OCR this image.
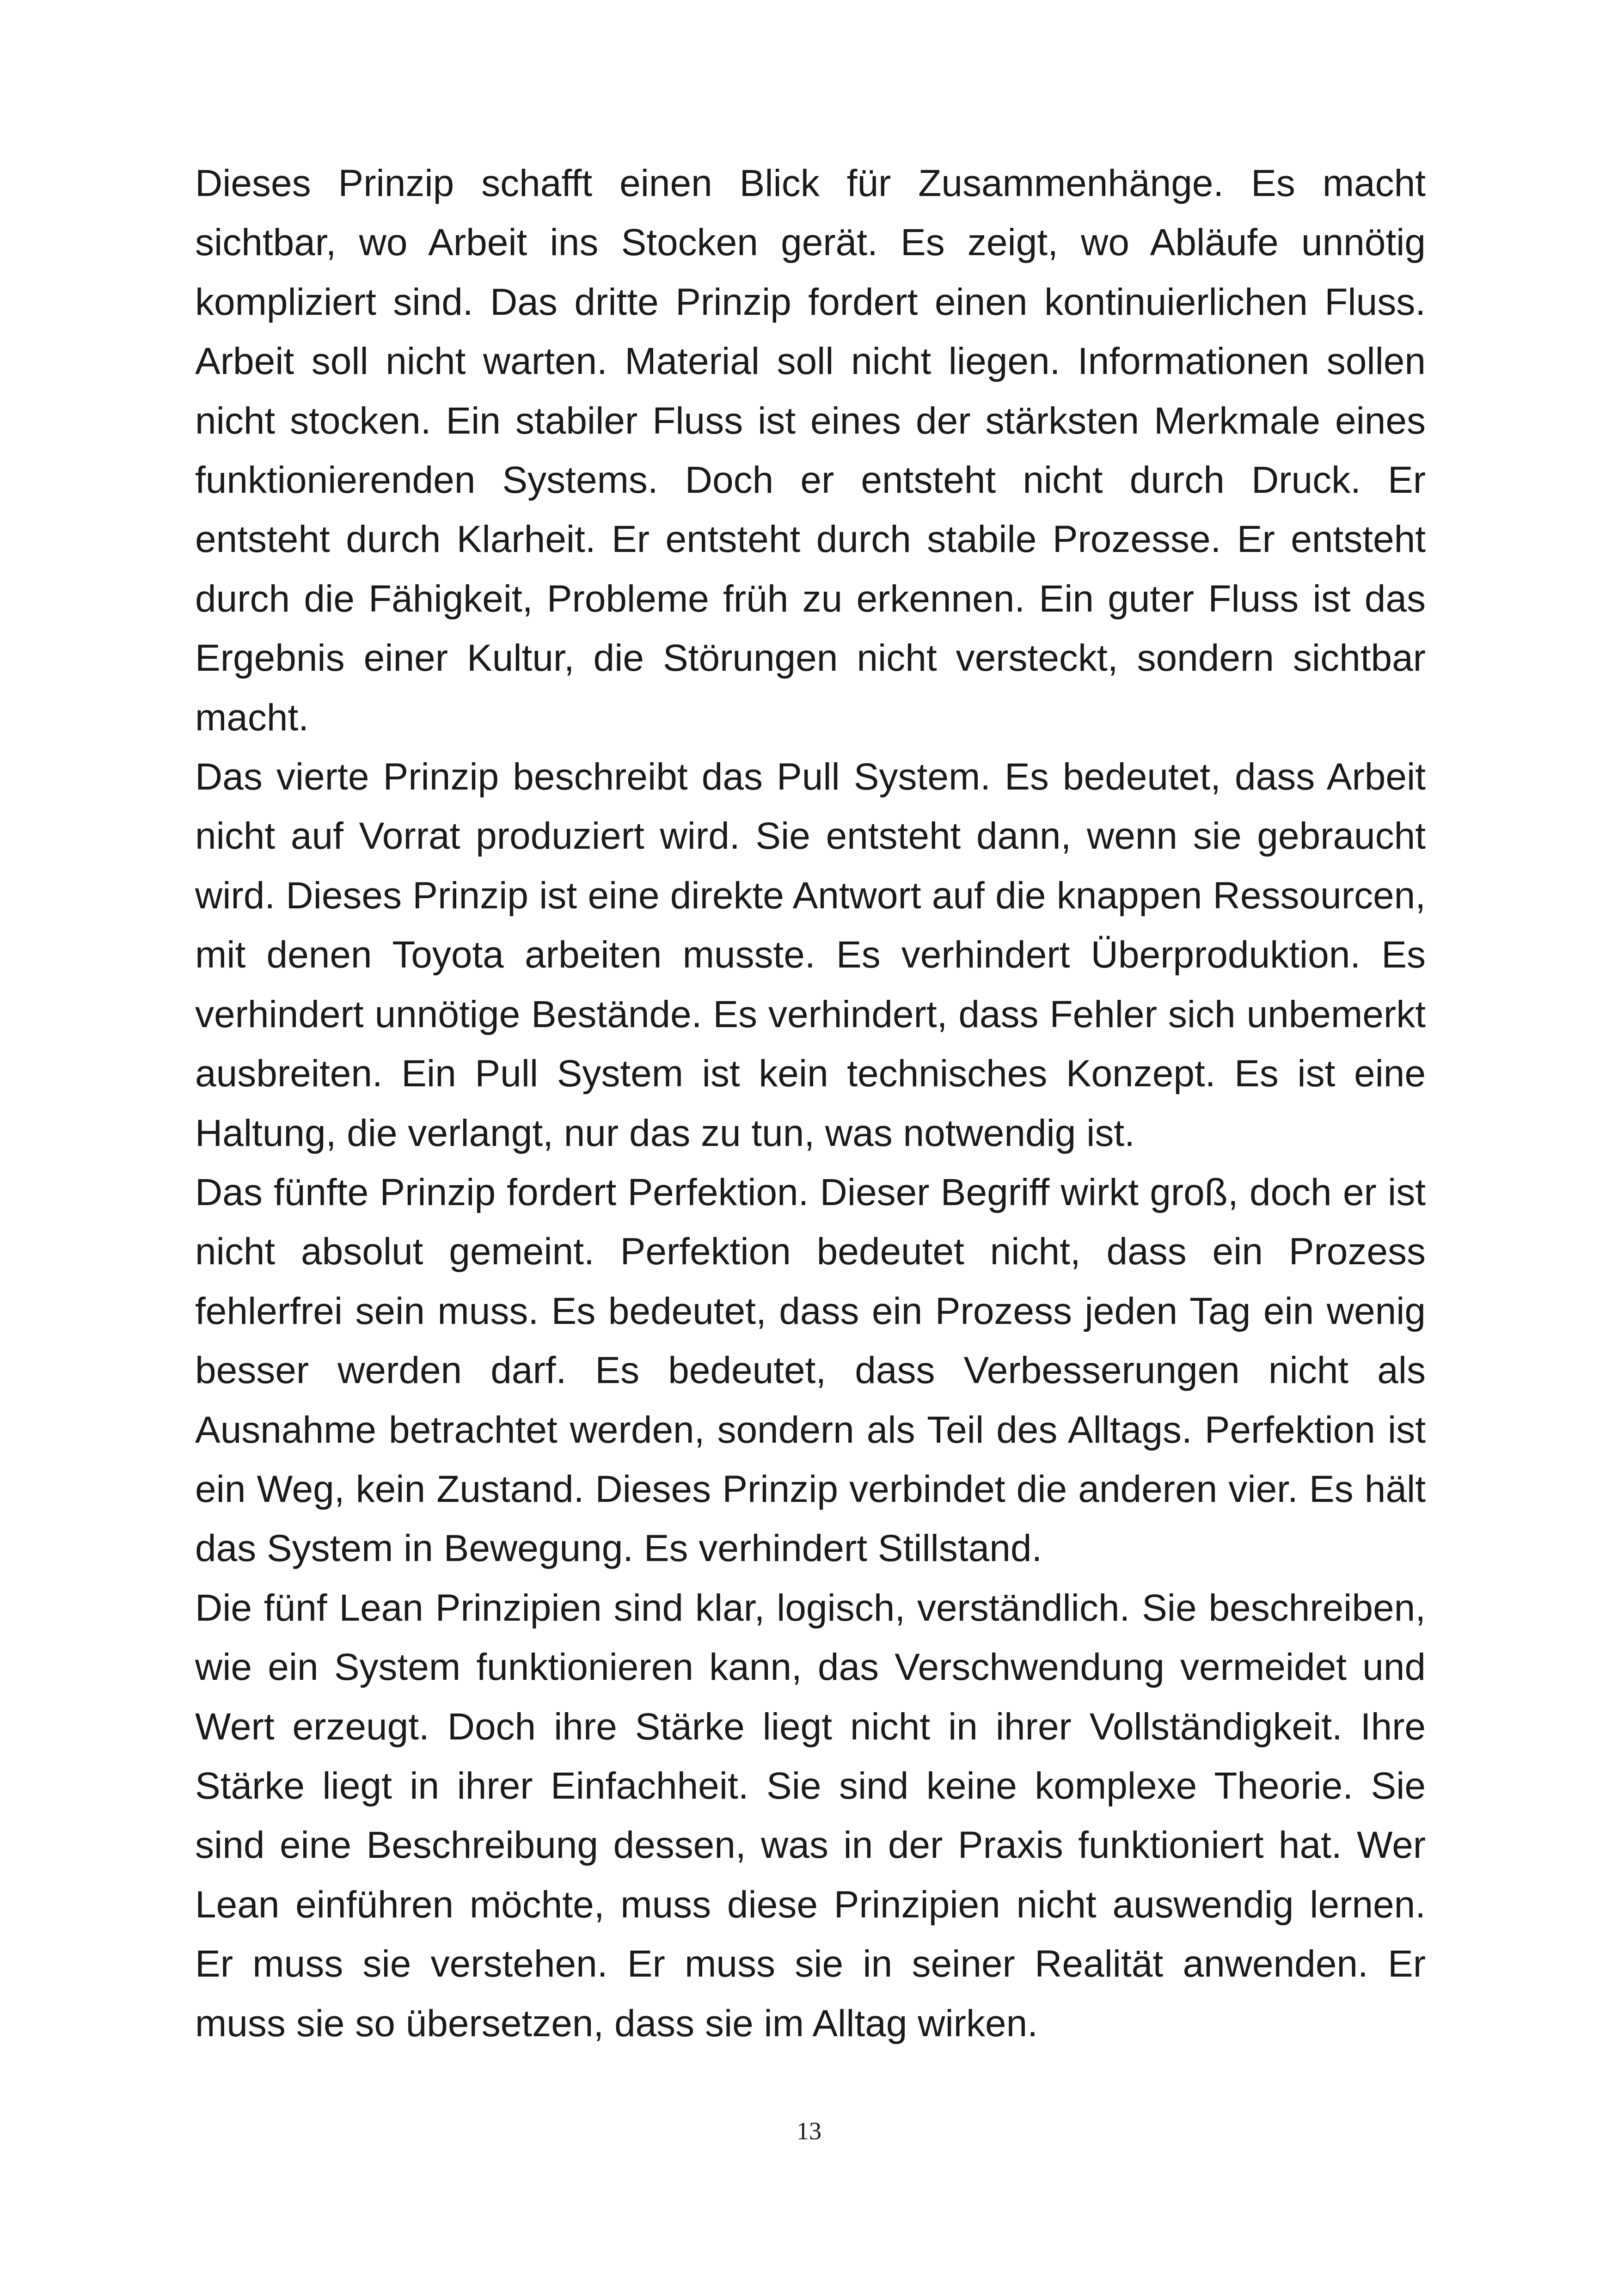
Dieses Prinzip schafft einen Blick für Zusammenhänge. Es macht sichtbar, wo Arbeit ins Stocken gerät. Es zeigt, wo Abläufe unnötig kompliziert sind. Das dritte Prinzip fordert einen kontinuierlichen Fluss. Arbeit soll nicht warten. Material soll nicht liegen. Informationen sollen nicht stocken. Ein stabiler Fluss ist eines der stärksten Merkmale eines funktionierenden Systems. Doch er entsteht nicht durch Druck. Er entsteht durch Klarheit. Er entsteht durch stabile Prozesse. Er entsteht durch die Fähigkeit, Probleme früh zu erkennen. Ein guter Fluss ist das Ergebnis einer Kultur, die Störungen nicht versteckt, sondern sichtbar macht.

Das vierte Prinzip beschreibt das Pull System. Es bedeutet, dass Arbeit nicht auf Vorrat produziert wird. Sie entsteht dann, wenn sie gebraucht wird. Dieses Prinzip ist eine direkte Antwort auf die knappen Ressourcen, mit denen Toyota arbeiten musste. Es verhindert Überproduktion. Es verhindert unnötige Bestände. Es verhindert, dass Fehler sich unbemerkt ausbreiten. Ein Pull System ist kein technisches Konzept. Es ist eine Haltung, die verlangt, nur das zu tun, was notwendig ist.

Das fünfte Prinzip fordert Perfektion. Dieser Begriff wirkt groß, doch er ist nicht absolut gemeint. Perfektion bedeutet nicht, dass ein Prozess fehlerfrei sein muss. Es bedeutet, dass ein Prozess jeden Tag ein wenig besser werden darf. Es bedeutet, dass Verbesserungen nicht als Ausnahme betrachtet werden, sondern als Teil des Alltags. Perfektion ist ein Weg, kein Zustand. Dieses Prinzip verbindet die anderen vier. Es hält das System in Bewegung. Es verhindert Stillstand.

Die fünf Lean Prinzipien sind klar, logisch, verständlich. Sie beschreiben, wie ein System funktionieren kann, das Verschwendung vermeidet und Wert erzeugt. Doch ihre Stärke liegt nicht in ihrer Vollständigkeit. Ihre Stärke liegt in ihrer Einfachheit. Sie sind keine komplexe Theorie. Sie sind eine Beschreibung dessen, was in der Praxis funktioniert hat. Wer Lean einführen möchte, muss diese Prinzipien nicht auswendig lernen. Er muss sie verstehen. Er muss sie in seiner Realität anwenden. Er muss sie so übersetzen, dass sie im Alltag wirken.

13
